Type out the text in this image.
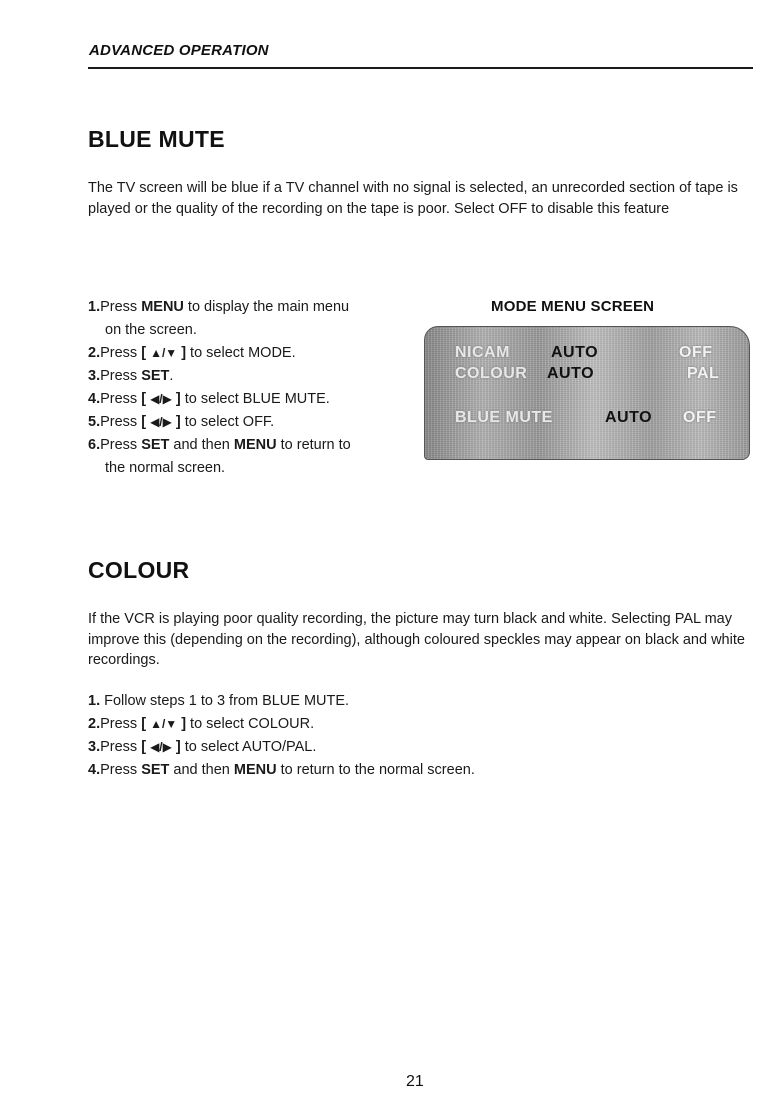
ADVANCED OPERATION
BLUE MUTE
The TV screen will be blue if a TV channel with no signal is selected, an unrecorded section of tape is played or the quality of the recording on the tape is poor. Select OFF to disable this feature
1.Press MENU to display the main menu
on the screen.
2.Press [ ▲/▼ ] to select MODE.
3.Press SET.
4.Press [ ◀/▶ ] to select BLUE MUTE.
5.Press [ ◀/▶ ] to select OFF.
6.Press SET and then MENU to return to
the normal screen.
MODE MENU SCREEN
NICAM	AUTO	OFF
COLOUR AUTO	PAL
BLUE MUTE	AUTO OFF
COLOUR
If the VCR is playing poor quality recording, the picture may turn black and white. Selecting PAL may improve this (depending on the recording), although coloured speckles may appear on black and white recordings.
1. Follow steps 1 to 3 from BLUE MUTE.
2.Press [ ▲/▼ ] to select COLOUR.
3.Press [ ◀/▶ ] to select AUTO/PAL.
4.Press SET and then MENU to return to the normal screen.
21
